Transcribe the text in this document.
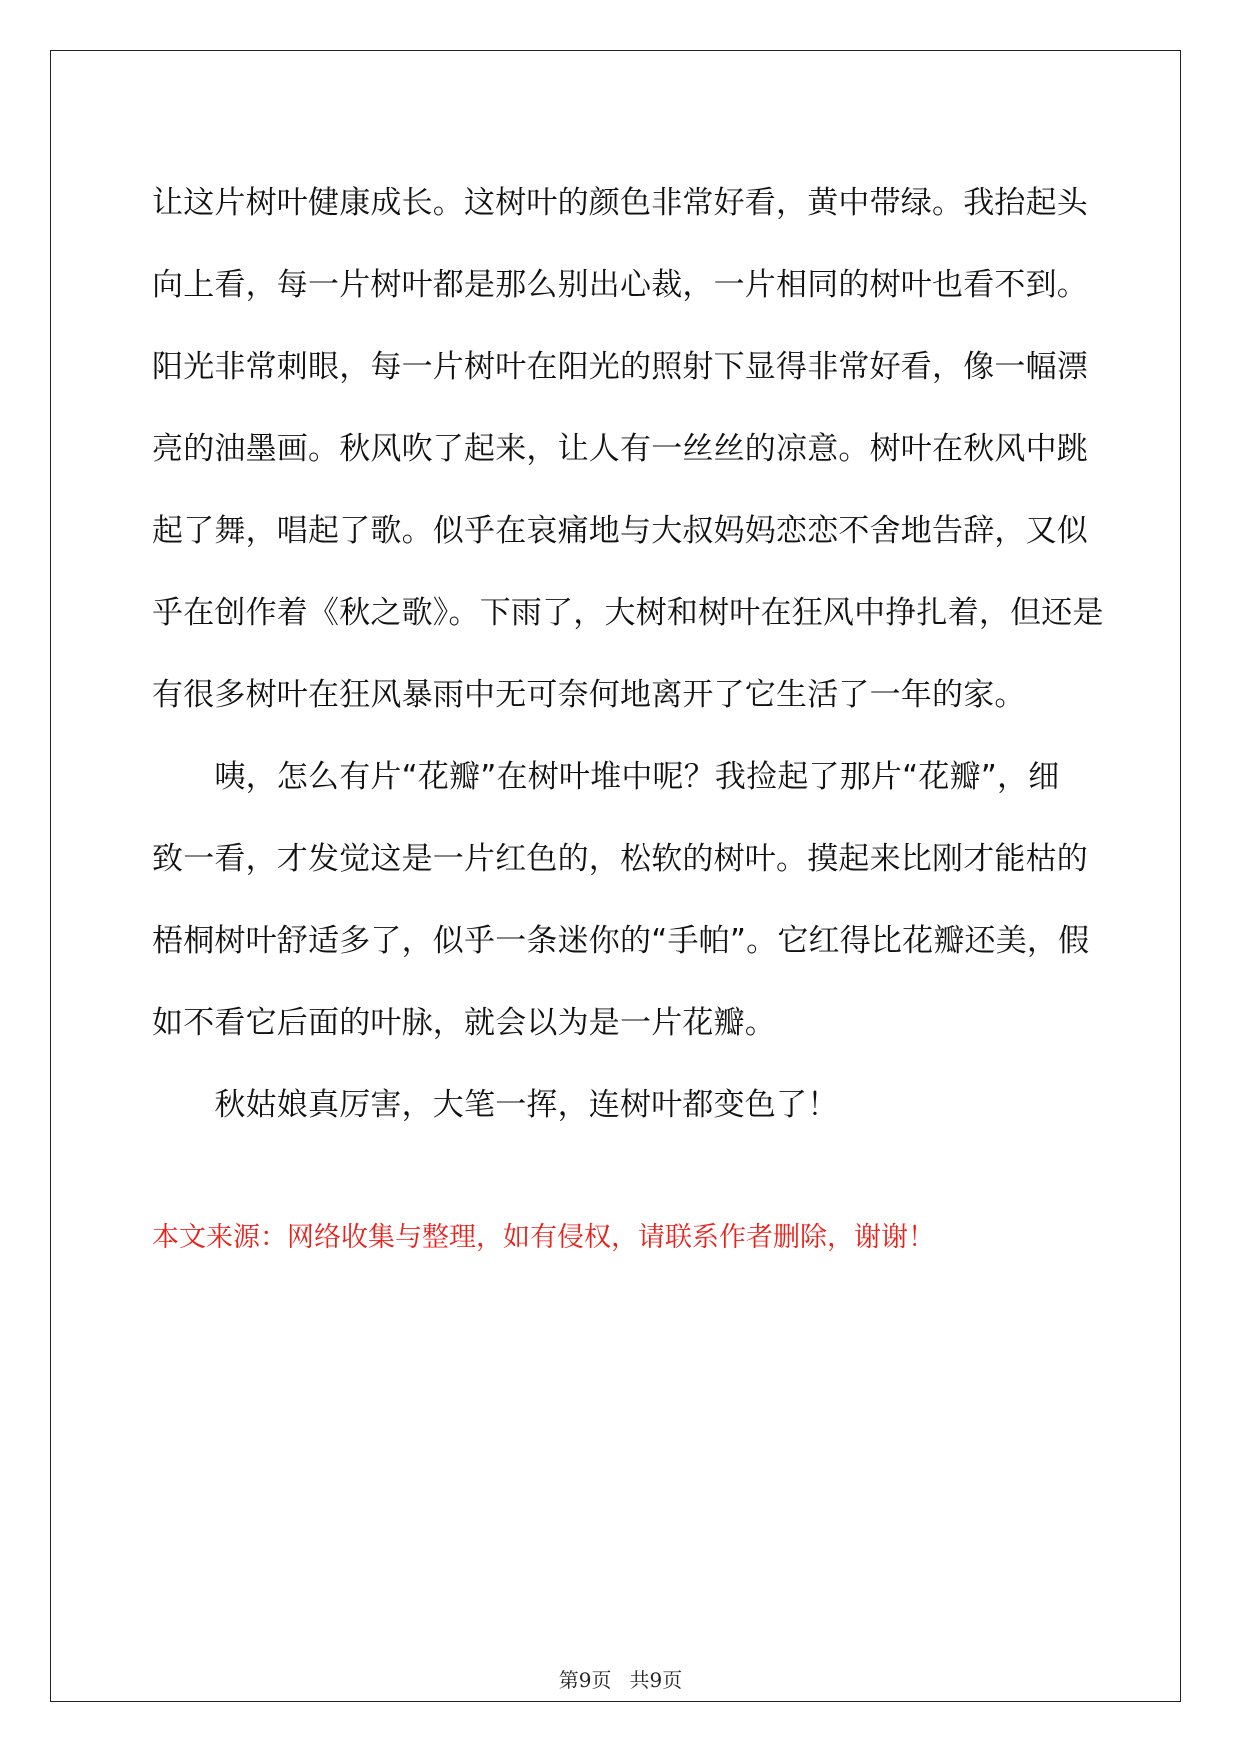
让这片树叶健康成长。这树叶的颜色非常好看，黄中带绿。我抬起头
向上看，每一片树叶都是那么别出心裁，一片相同的树叶也看不到。
阳光非常刺眼，每一片树叶在阳光的照射下显得非常好看，像一幅漂
亮的油墨画。秋风吹了起来，让人有一丝丝的凉意。树叶在秋风中跳
起了舞，唱起了歌。似乎在哀痛地与大叔妈妈恋恋不舍地告辞，又似
乎在创作着《秋之歌》。下雨了，大树和树叶在狂风中挣扎着，但还是
有很多树叶在狂风暴雨中无可奈何地离开了它生活了一年的家。
　　咦，怎么有片“花瓣”在树叶堆中呢？我捡起了那片“花瓣”，细
致一看，才发觉这是一片红色的，松软的树叶。摸起来比刚才能枯的
梧桐树叶舒适多了，似乎一条迷你的“手帕”。它红得比花瓣还美，假
如不看它后面的叶脉，就会以为是一片花瓣。
　　秋姑娘真厉害，大笔一挥，连树叶都变色了！
本文来源：网络收集与整理，如有侵权，请联系作者删除，谢谢！
第9页 共9页
